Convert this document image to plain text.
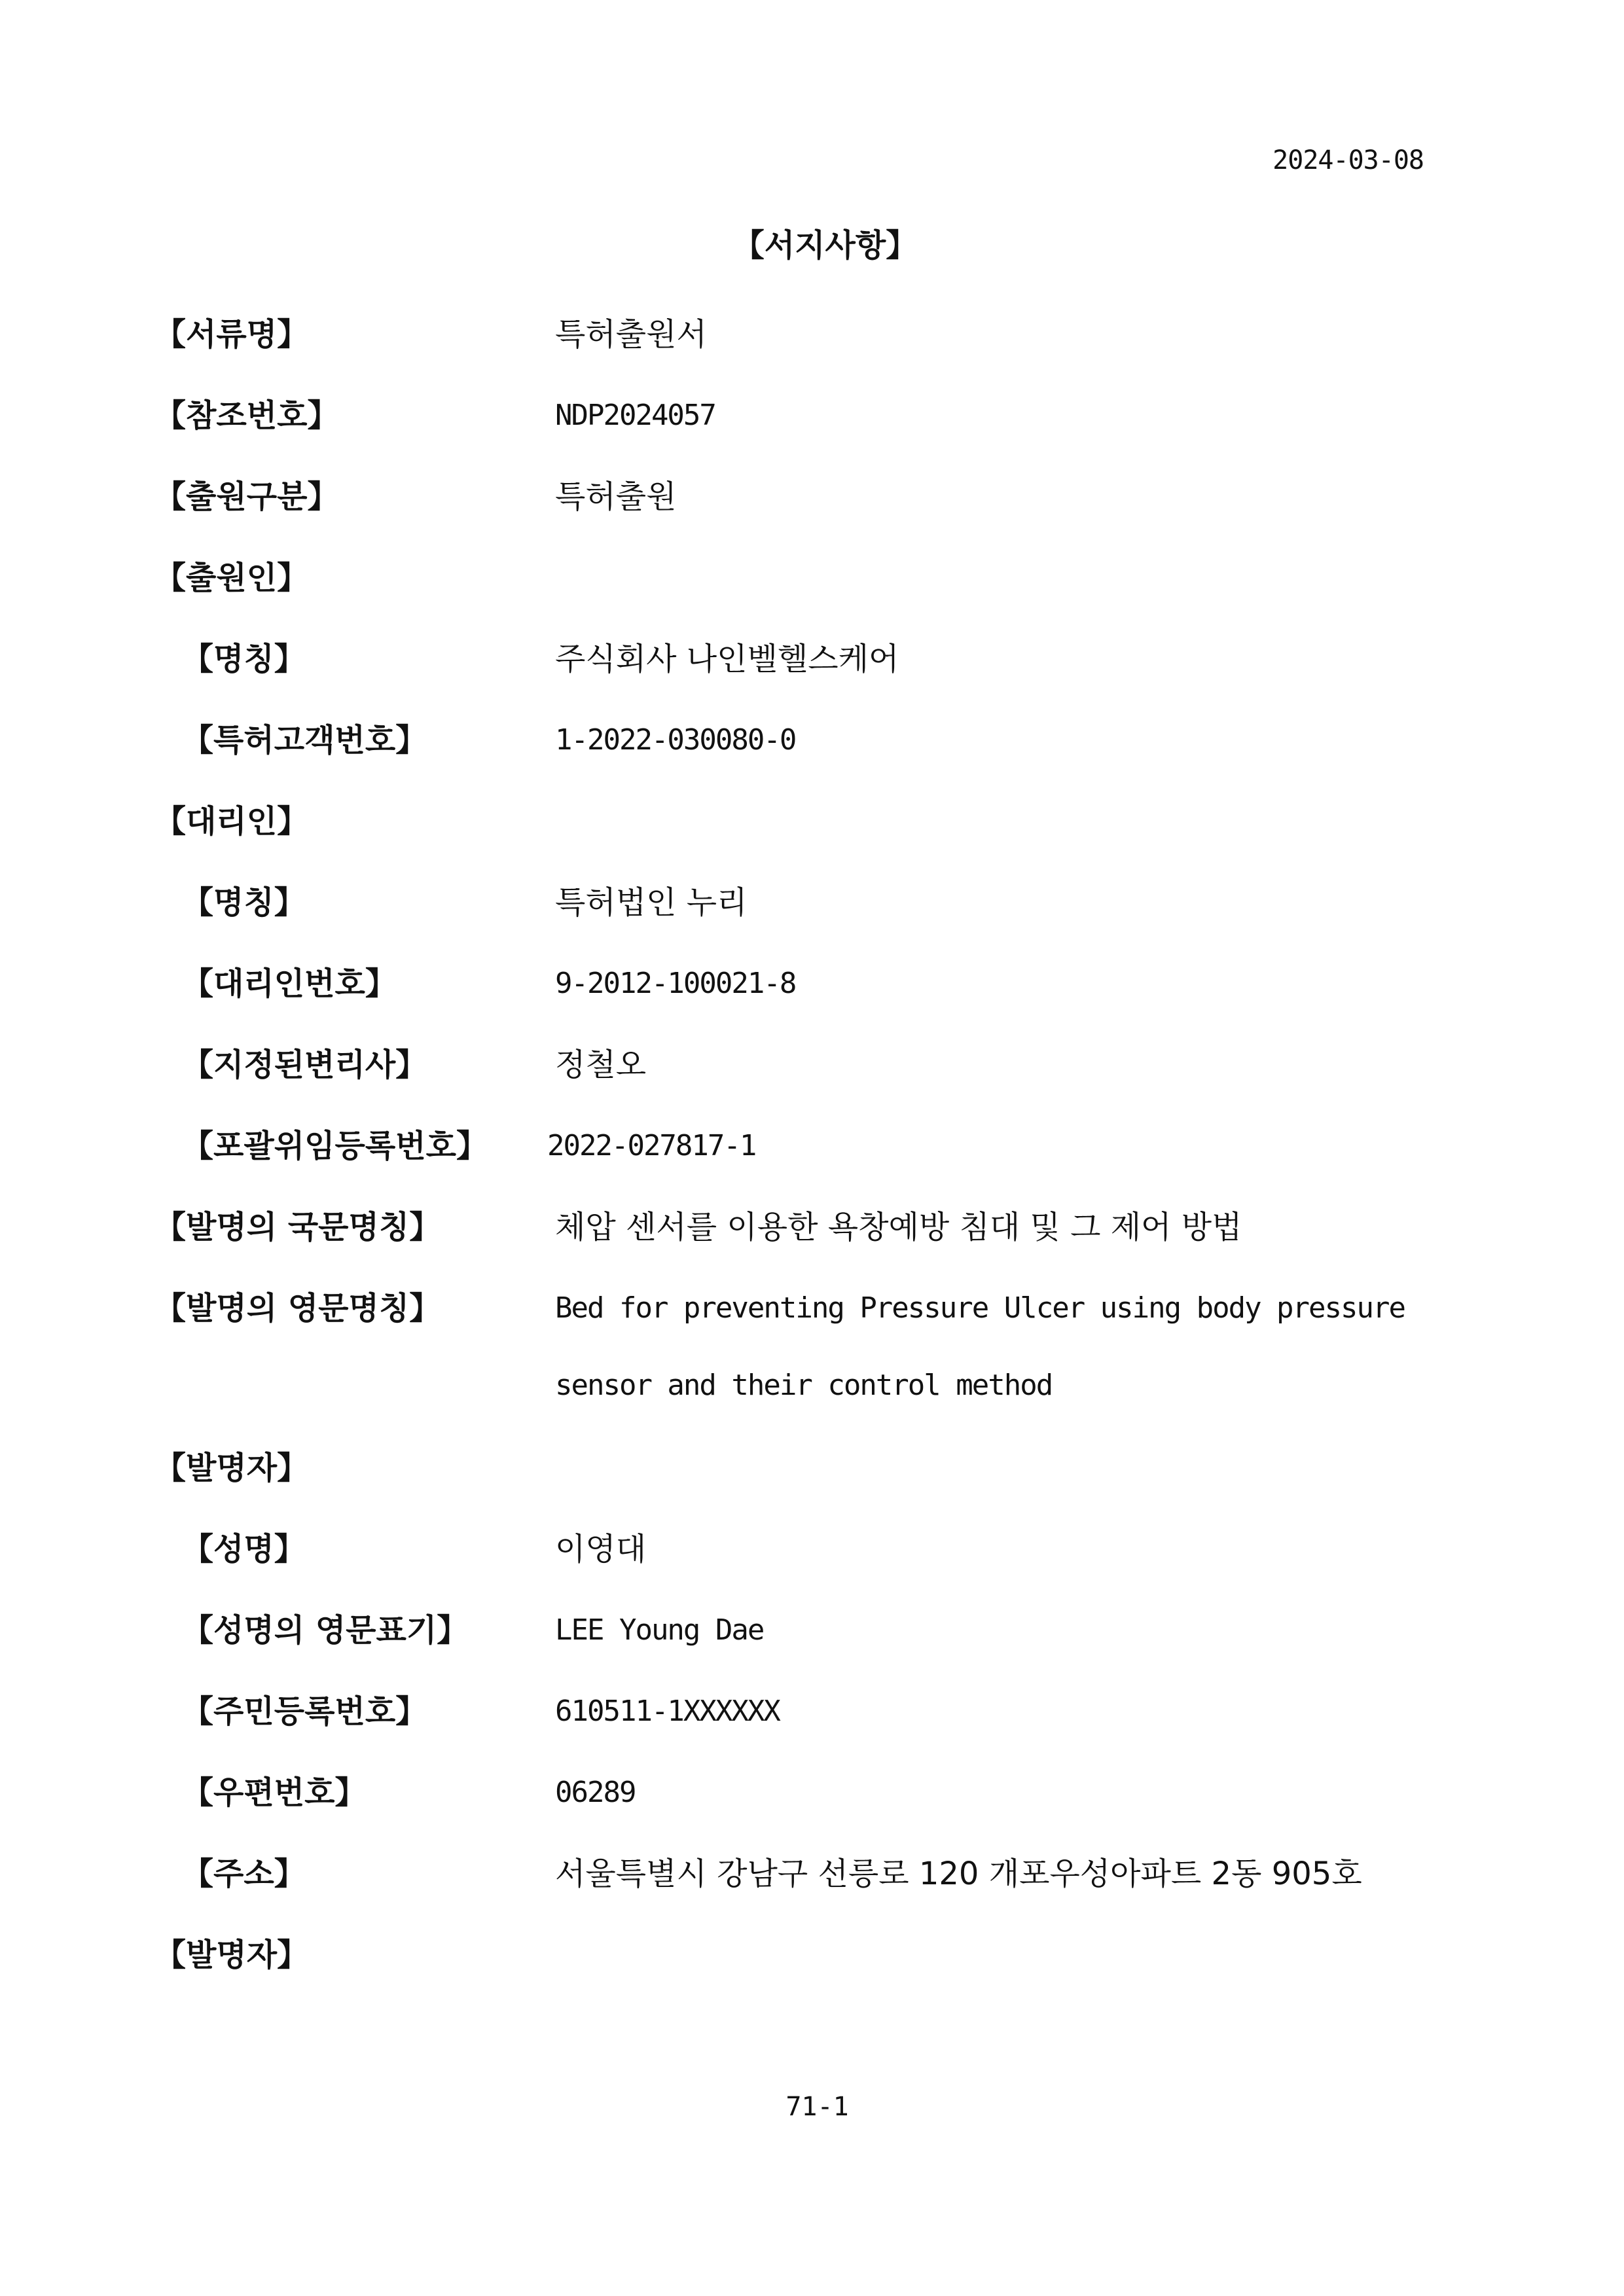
2024-03-08
【서지사항】
【서류명】	특허출원서
【참조번호】	NDP2024057
【출원구분】	특허출원
【출원인】
【명칭】	주식회사 나인벨헬스케어
【특허고객번호】	1-2022-030080-0
【대리인】
【명칭】	특허법인 누리
【대리인번호】	9-2012-100021-8
【지정된변리사】	정철오
【포괄위임등록번호】 2022-027817-1
【발명의 국문명칭】	체압 센서를 이용한 욕창예방 침대 및 그 제어 방법
【발명의 영문명칭】	Bed for preventing Pressure Ulcer using body pressure sensor and their control method
【발명자】
【성명】	이영대
【성명의 영문표기】	LEE Young Dae
【주민등록번호】	610511-1XXXXXX
【우편번호】	06289
【주소】	서울특별시 강남구 선릉로 120 개포우성아파트 2동 905호
【발명자】
71-1
